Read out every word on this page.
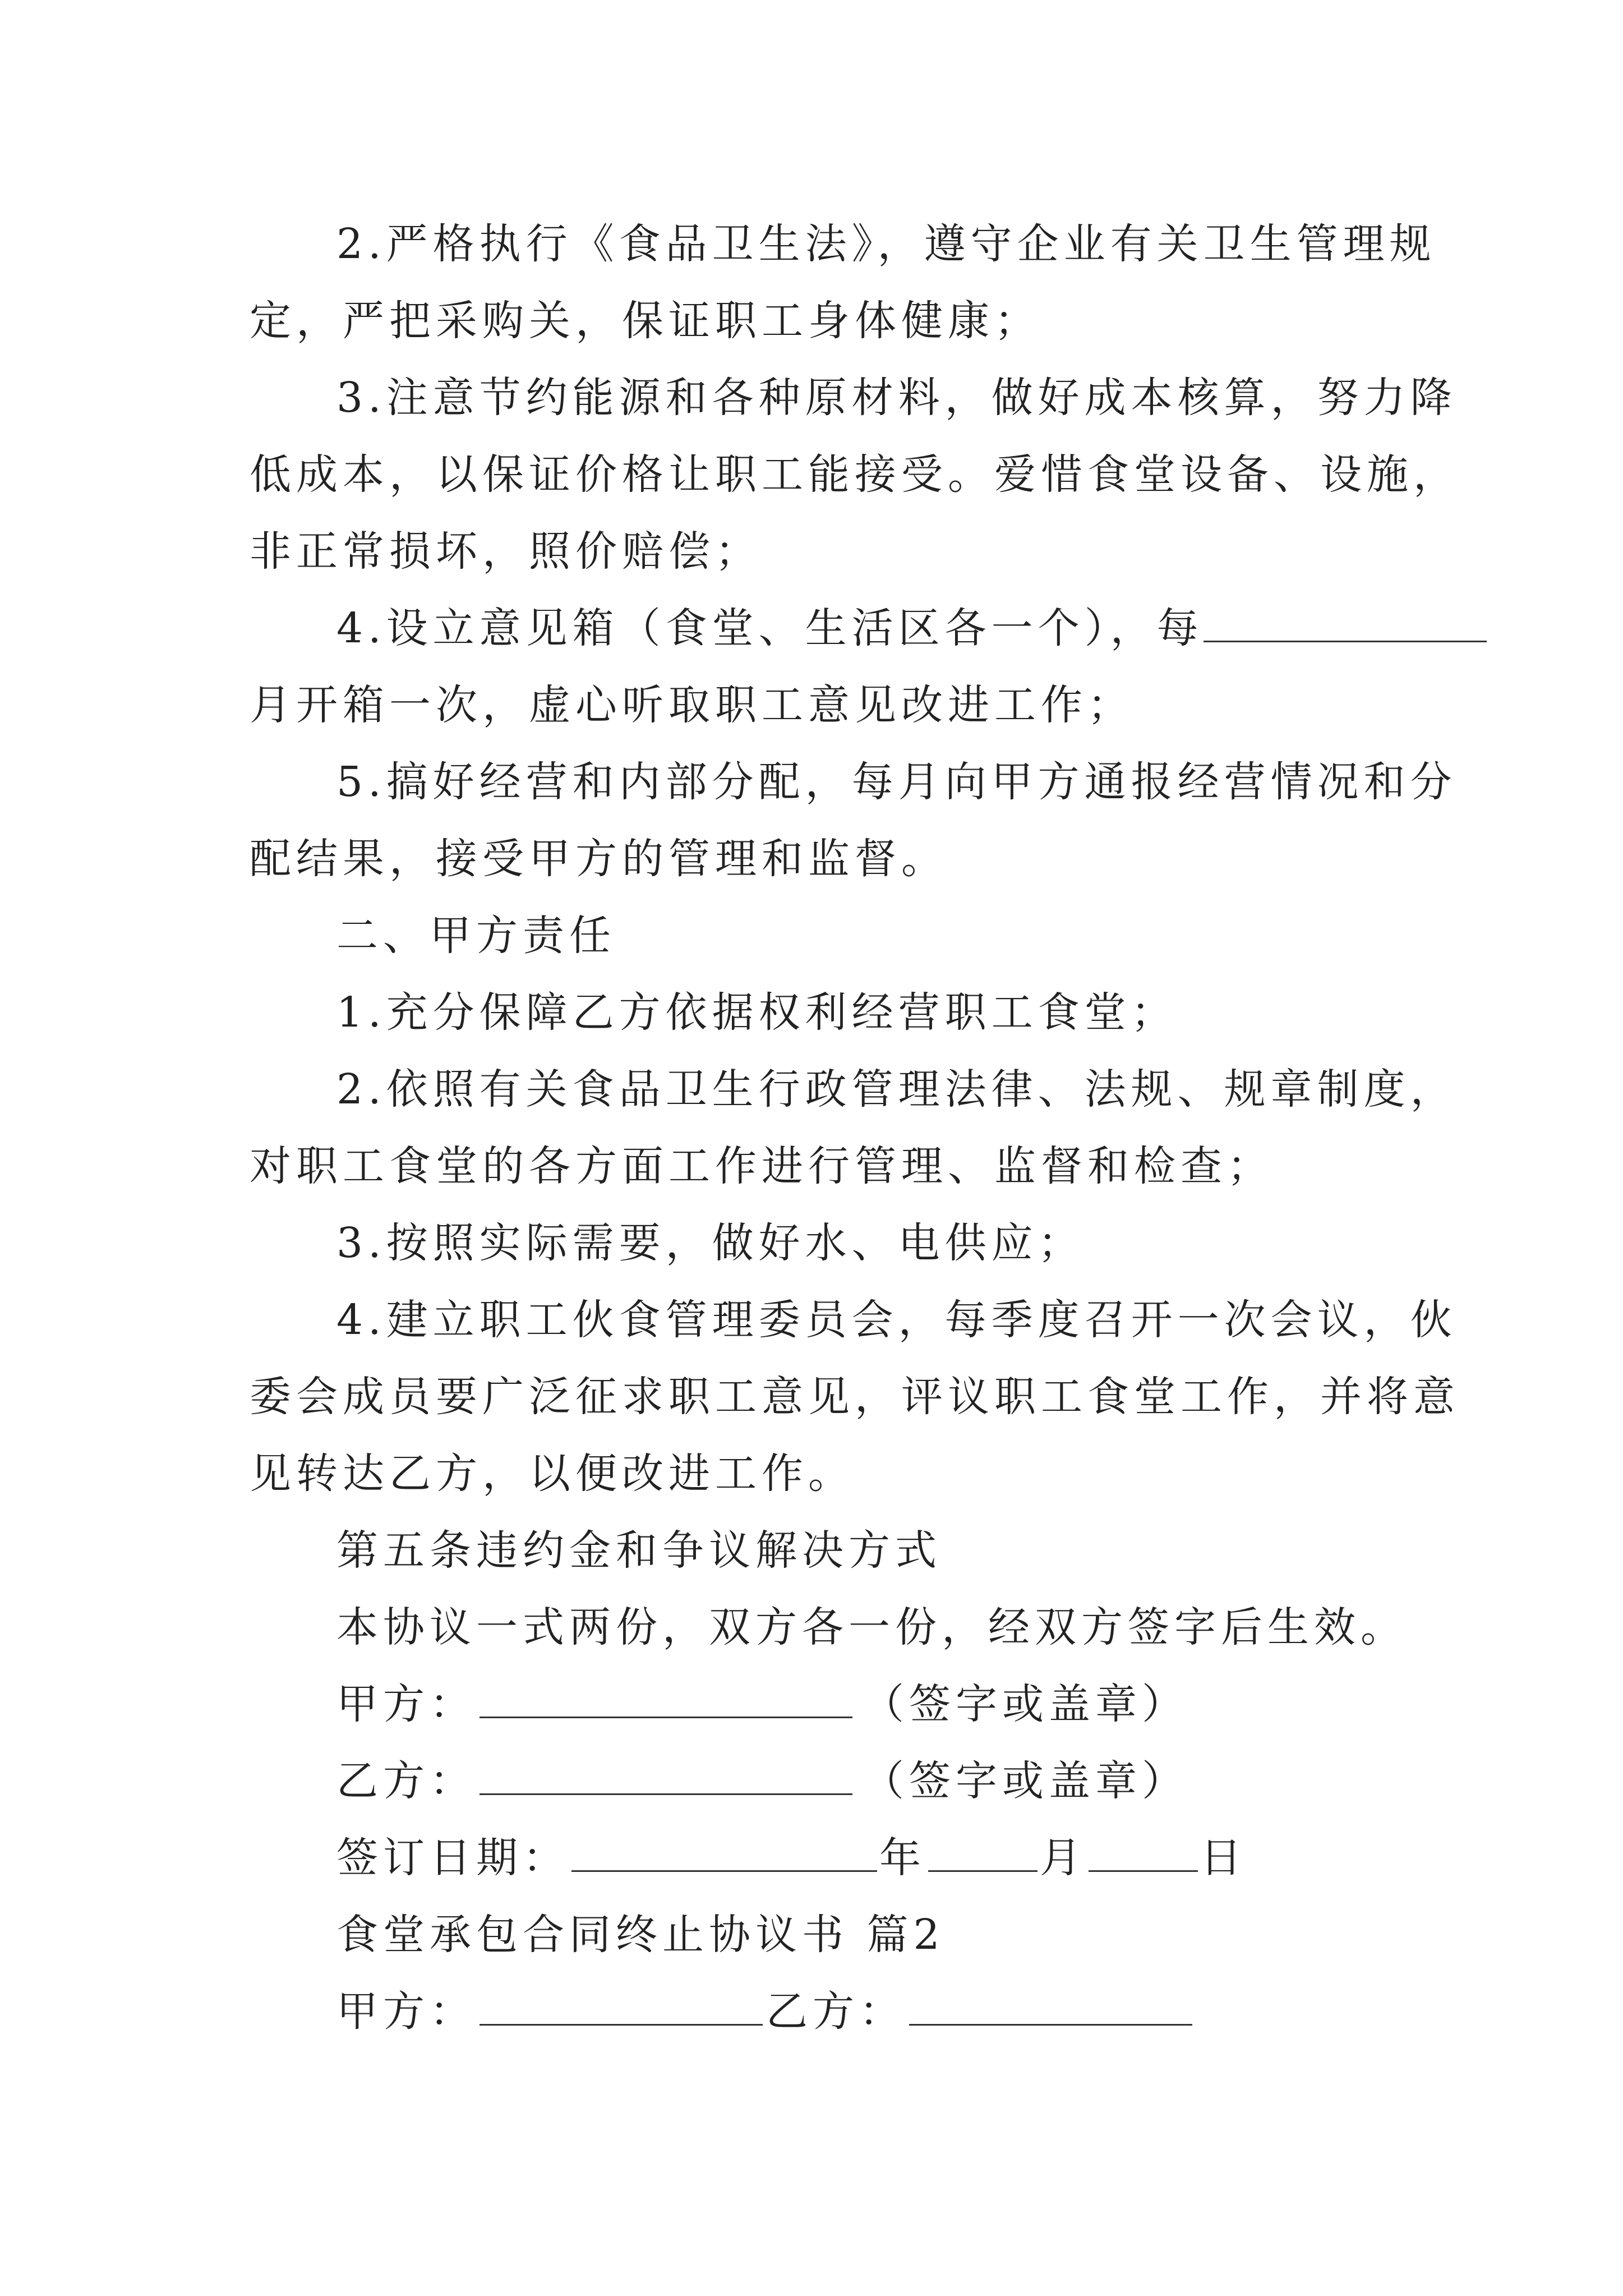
2.严格执行《食品卫生法》，遵守企业有关卫生管理规
定，严把采购关，保证职工身体健康；
3.注意节约能源和各种原材料，做好成本核算，努力降
低成本，以保证价格让职工能接受。爱惜食堂设备、设施，
非正常损坏，照价赔偿；
4.设立意见箱（食堂、生活区各一个），每
月开箱一次，虚心听取职工意见改进工作；
5.搞好经营和内部分配，每月向甲方通报经营情况和分
配结果，接受甲方的管理和监督。
二、甲方责任
1.充分保障乙方依据权利经营职工食堂；
2.依照有关食品卫生行政管理法律、法规、规章制度，
对职工食堂的各方面工作进行管理、监督和检查；
3.按照实际需要，做好水、电供应；
4.建立职工伙食管理委员会，每季度召开一次会议，伙
委会成员要广泛征求职工意见，评议职工食堂工作，并将意
见转达乙方，以便改进工作。
第五条违约金和争议解决方式
本协议一式两份，双方各一份，经双方签字后生效。
甲方：	（签字或盖章）
乙方：	（签字或盖章）
签订日期：	年	月	日
食堂承包合同终止协议书 篇2
甲方：	乙方：
